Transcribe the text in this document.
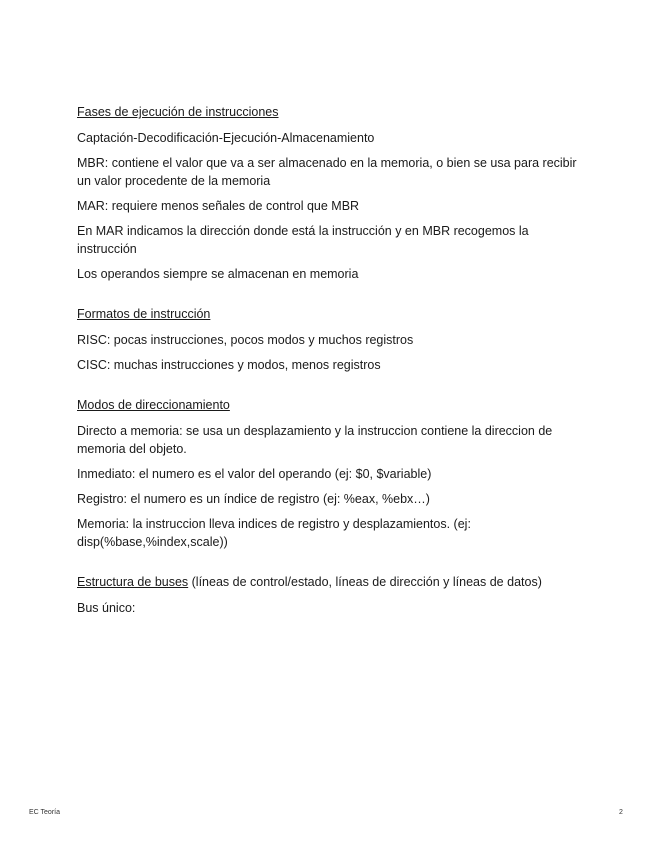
Fases de ejecución de instrucciones

Captación-Decodificación-Ejecución-Almacenamiento

MBR: contiene el valor que va a ser almacenado en la memoria, o bien se usa para recibir un valor procedente de la memoria

MAR: requiere menos señales de control que MBR

En MAR indicamos la dirección donde está la instrucción y en MBR recogemos la instrucción

Los operandos siempre se almacenan en memoria

Formatos de instrucción

RISC: pocas instrucciones, pocos modos y muchos registros

CISC: muchas instrucciones y modos, menos registros

Modos de direccionamiento

Directo a memoria: se usa un desplazamiento y la instruccion contiene la direccion de memoria del objeto.

Inmediato: el numero es el valor del operando (ej: $0, $variable)

Registro: el numero es un índice de registro (ej: %eax, %ebx…)

Memoria: la instruccion lleva indices de registro y desplazamientos. (ej: disp(%base,%index,scale))

Estructura de buses (líneas de control/estado, líneas de dirección y líneas de datos)

Bus único:

EC Teoría	2
